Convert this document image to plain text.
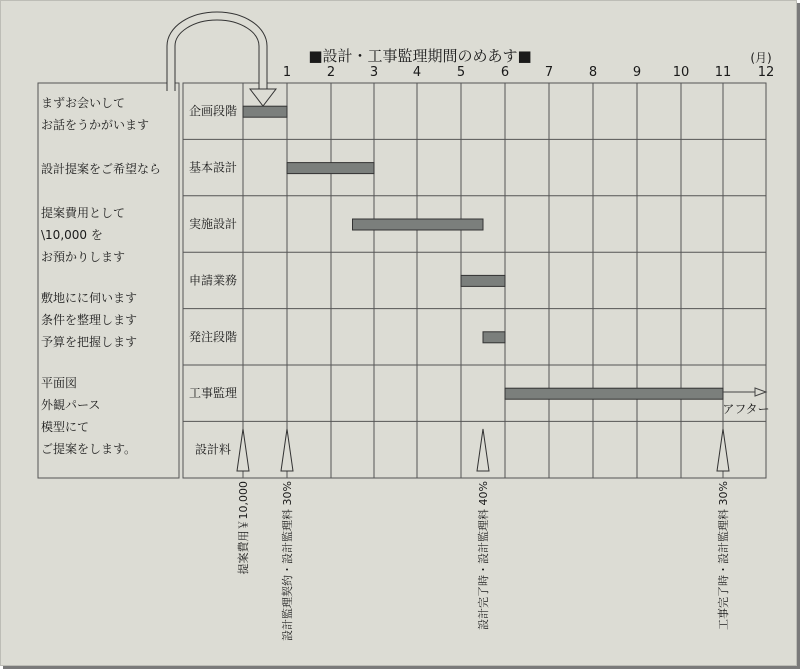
■設計・工事監理期間のめあす■	(月)
1	2	3	4	5	6	7	8	9 10 11 12
企画段階
基本設計
実施設計
申請業務
発注段階
工事監理
設計料
まずお会いして
お話をうかがいます
設計提案をご希望なら
提案費用として
\10,000 を
お預かりします
敷地にに伺います
条件を整理します
予算を把握します
平面図
外観パース
模型にて
ご提案をします。
提案費用￥10,000	設計監理契約・設計監理料 30%	設計完了時・設計監理料 40%	工事完了時・設計監理料 30%
アフター
